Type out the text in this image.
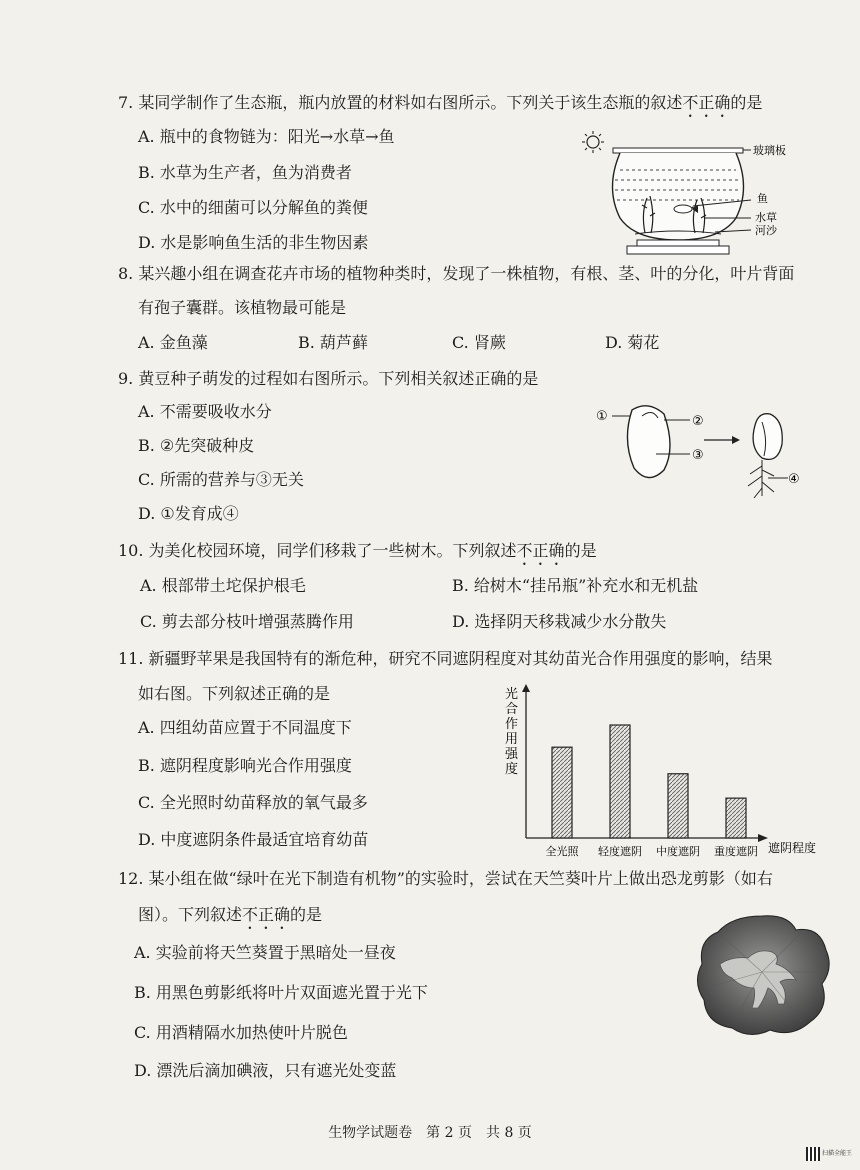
7. 某同学制作了生态瓶，瓶内放置的材料如右图所示。下列关于该生态瓶的叙述不正确的是
A. 瓶中的食物链为：阳光→水草→鱼
B. 水草为生产者，鱼为消费者
C. 水中的细菌可以分解鱼的粪便
D. 水是影响鱼生活的非生物因素
玻璃板
鱼
水草
河沙
8. 某兴趣小组在调查花卉市场的植物种类时，发现了一株植物，有根、茎、叶的分化，叶片背面
有孢子囊群。该植物最可能是
A. 金鱼藻	B. 葫芦藓	C. 肾蕨	D. 菊花
9. 黄豆种子萌发的过程如右图所示。下列相关叙述正确的是
A. 不需要吸收水分
B. ②先突破种皮
C. 所需的营养与③无关
D. ①发育成④
①	②
③
④
10. 为美化校园环境，同学们移栽了一些树木。下列叙述不正确的是
A. 根部带土坨保护根毛	B. 给树木“挂吊瓶”补充水和无机盐
C. 剪去部分枝叶增强蒸腾作用	D. 选择阴天移栽减少水分散失
11. 新疆野苹果是我国特有的渐危种，研究不同遮阴程度对其幼苗光合作用强度的影响，结果
如右图。下列叙述正确的是
A. 四组幼苗应置于不同温度下
B. 遮阴程度影响光合作用强度
C. 全光照时幼苗释放的氧气最多
D. 中度遮阴条件最适宜培育幼苗
光合作用强度
遮阴程度
全光照 轻度遮阴 中度遮阴 重度遮阴
12. 某小组在做“绿叶在光下制造有机物”的实验时，尝试在天竺葵叶片上做出恐龙剪影（如右
图）。下列叙述不正确的是
A. 实验前将天竺葵置于黑暗处一昼夜
B. 用黑色剪影纸将叶片双面遮光置于光下
C. 用酒精隔水加热使叶片脱色
D. 漂洗后滴加碘液，只有遮光处变蓝
生物学试题卷　第 2 页　共 8 页
扫描全能王
